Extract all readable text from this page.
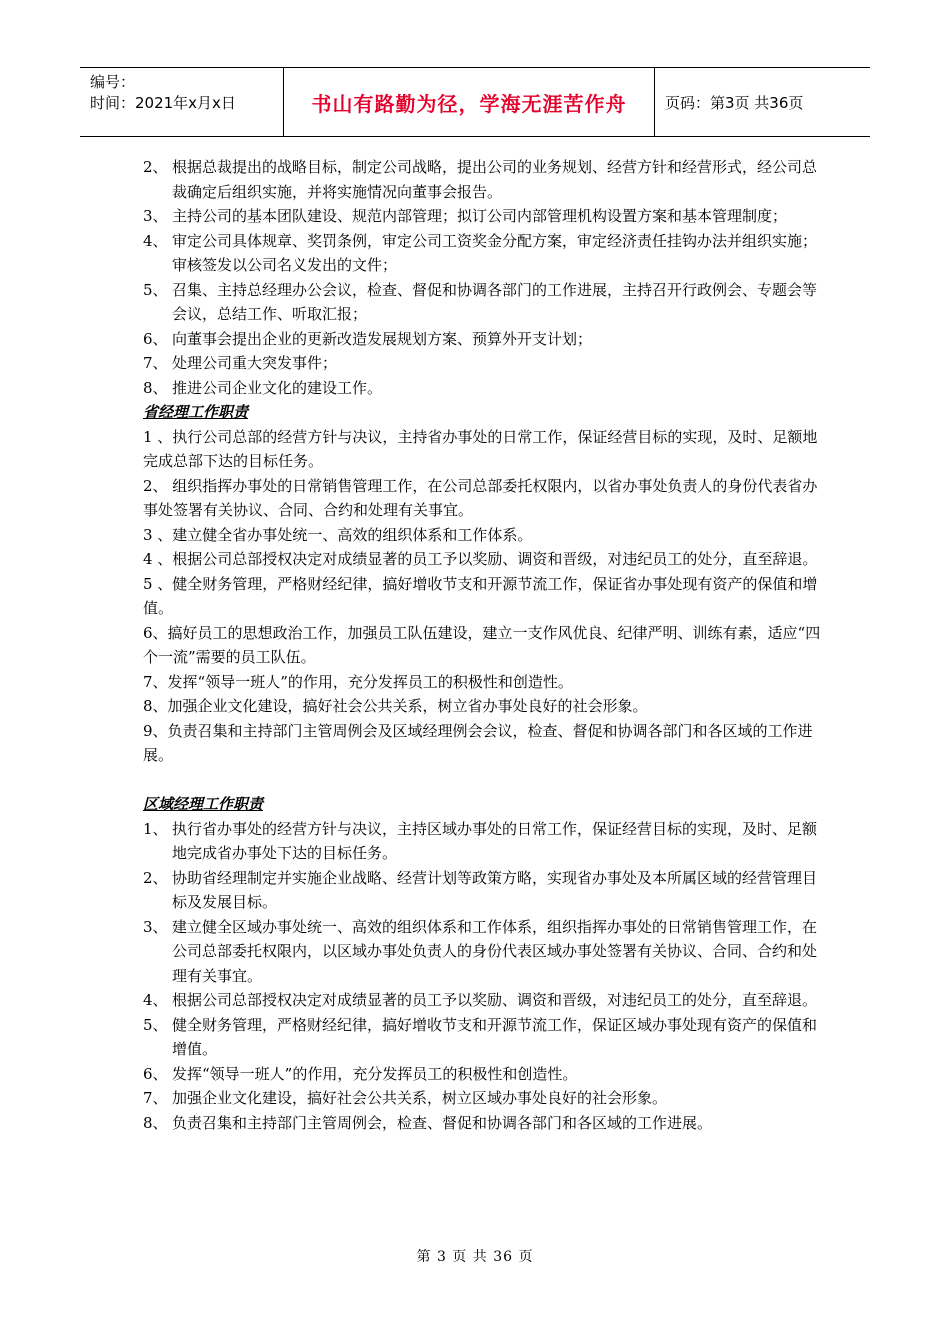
编号：
时间：2021年x月x日	书山有路勤为径，学海无涯苦作舟	页码：第3页 共36页
2、 根据总裁提出的战略目标，制定公司战略，提出公司的业务规划、经营方针和经营形式，经公司总裁确定后组织实施，并将实施情况向董事会报告。
3、 主持公司的基本团队建设、规范内部管理；拟订公司内部管理机构设置方案和基本管理制度；
4、 审定公司具体规章、奖罚条例，审定公司工资奖金分配方案，审定经济责任挂钩办法并组织实施；审核签发以公司名义发出的文件；
5、 召集、主持总经理办公会议，检查、督促和协调各部门的工作进展，主持召开行政例会、专题会等会议，总结工作、听取汇报；
6、 向董事会提出企业的更新改造发展规划方案、预算外开支计划；
7、 处理公司重大突发事件；
8、 推进公司企业文化的建设工作。
省经理工作职责
1 、执行公司总部的经营方针与决议，主持省办事处的日常工作，保证经营目标的实现，及时、足额地完成总部下达的目标任务。
2、 组织指挥办事处的日常销售管理工作，在公司总部委托权限内，以省办事处负责人的身份代表省办事处签署有关协议、合同、合约和处理有关事宜。
3 、建立健全省办事处统一、高效的组织体系和工作体系。
4 、根据公司总部授权决定对成绩显著的员工予以奖励、调资和晋级，对违纪员工的处分，直至辞退。
5 、健全财务管理，严格财经纪律，搞好增收节支和开源节流工作，保证省办事处现有资产的保值和增值。
6、搞好员工的思想政治工作，加强员工队伍建设，建立一支作风优良、纪律严明、训练有素，适应“四个一流”需要的员工队伍。
7、发挥“领导一班人”的作用，充分发挥员工的积极性和创造性。
8、加强企业文化建设，搞好社会公共关系，树立省办事处良好的社会形象。
9、负责召集和主持部门主管周例会及区域经理例会会议，检查、督促和协调各部门和各区域的工作进展。
区域经理工作职责
1、 执行省办事处的经营方针与决议，主持区域办事处的日常工作，保证经营目标的实现，及时、足额地完成省办事处下达的目标任务。
2、 协助省经理制定并实施企业战略、经营计划等政策方略，实现省办事处及本所属区域的经营管理目标及发展目标。
3、 建立健全区域办事处统一、高效的组织体系和工作体系，组织指挥办事处的日常销售管理工作，在公司总部委托权限内，以区域办事处负责人的身份代表区域办事处签署有关协议、合同、合约和处理有关事宜。
4、 根据公司总部授权决定对成绩显著的员工予以奖励、调资和晋级，对违纪员工的处分，直至辞退。
5、 健全财务管理，严格财经纪律，搞好增收节支和开源节流工作，保证区域办事处现有资产的保值和增值。
6、 发挥“领导一班人”的作用，充分发挥员工的积极性和创造性。
7、 加强企业文化建设，搞好社会公共关系，树立区域办事处良好的社会形象。
8、 负责召集和主持部门主管周例会，检查、督促和协调各部门和各区域的工作进展。
第 3 页 共 36 页
